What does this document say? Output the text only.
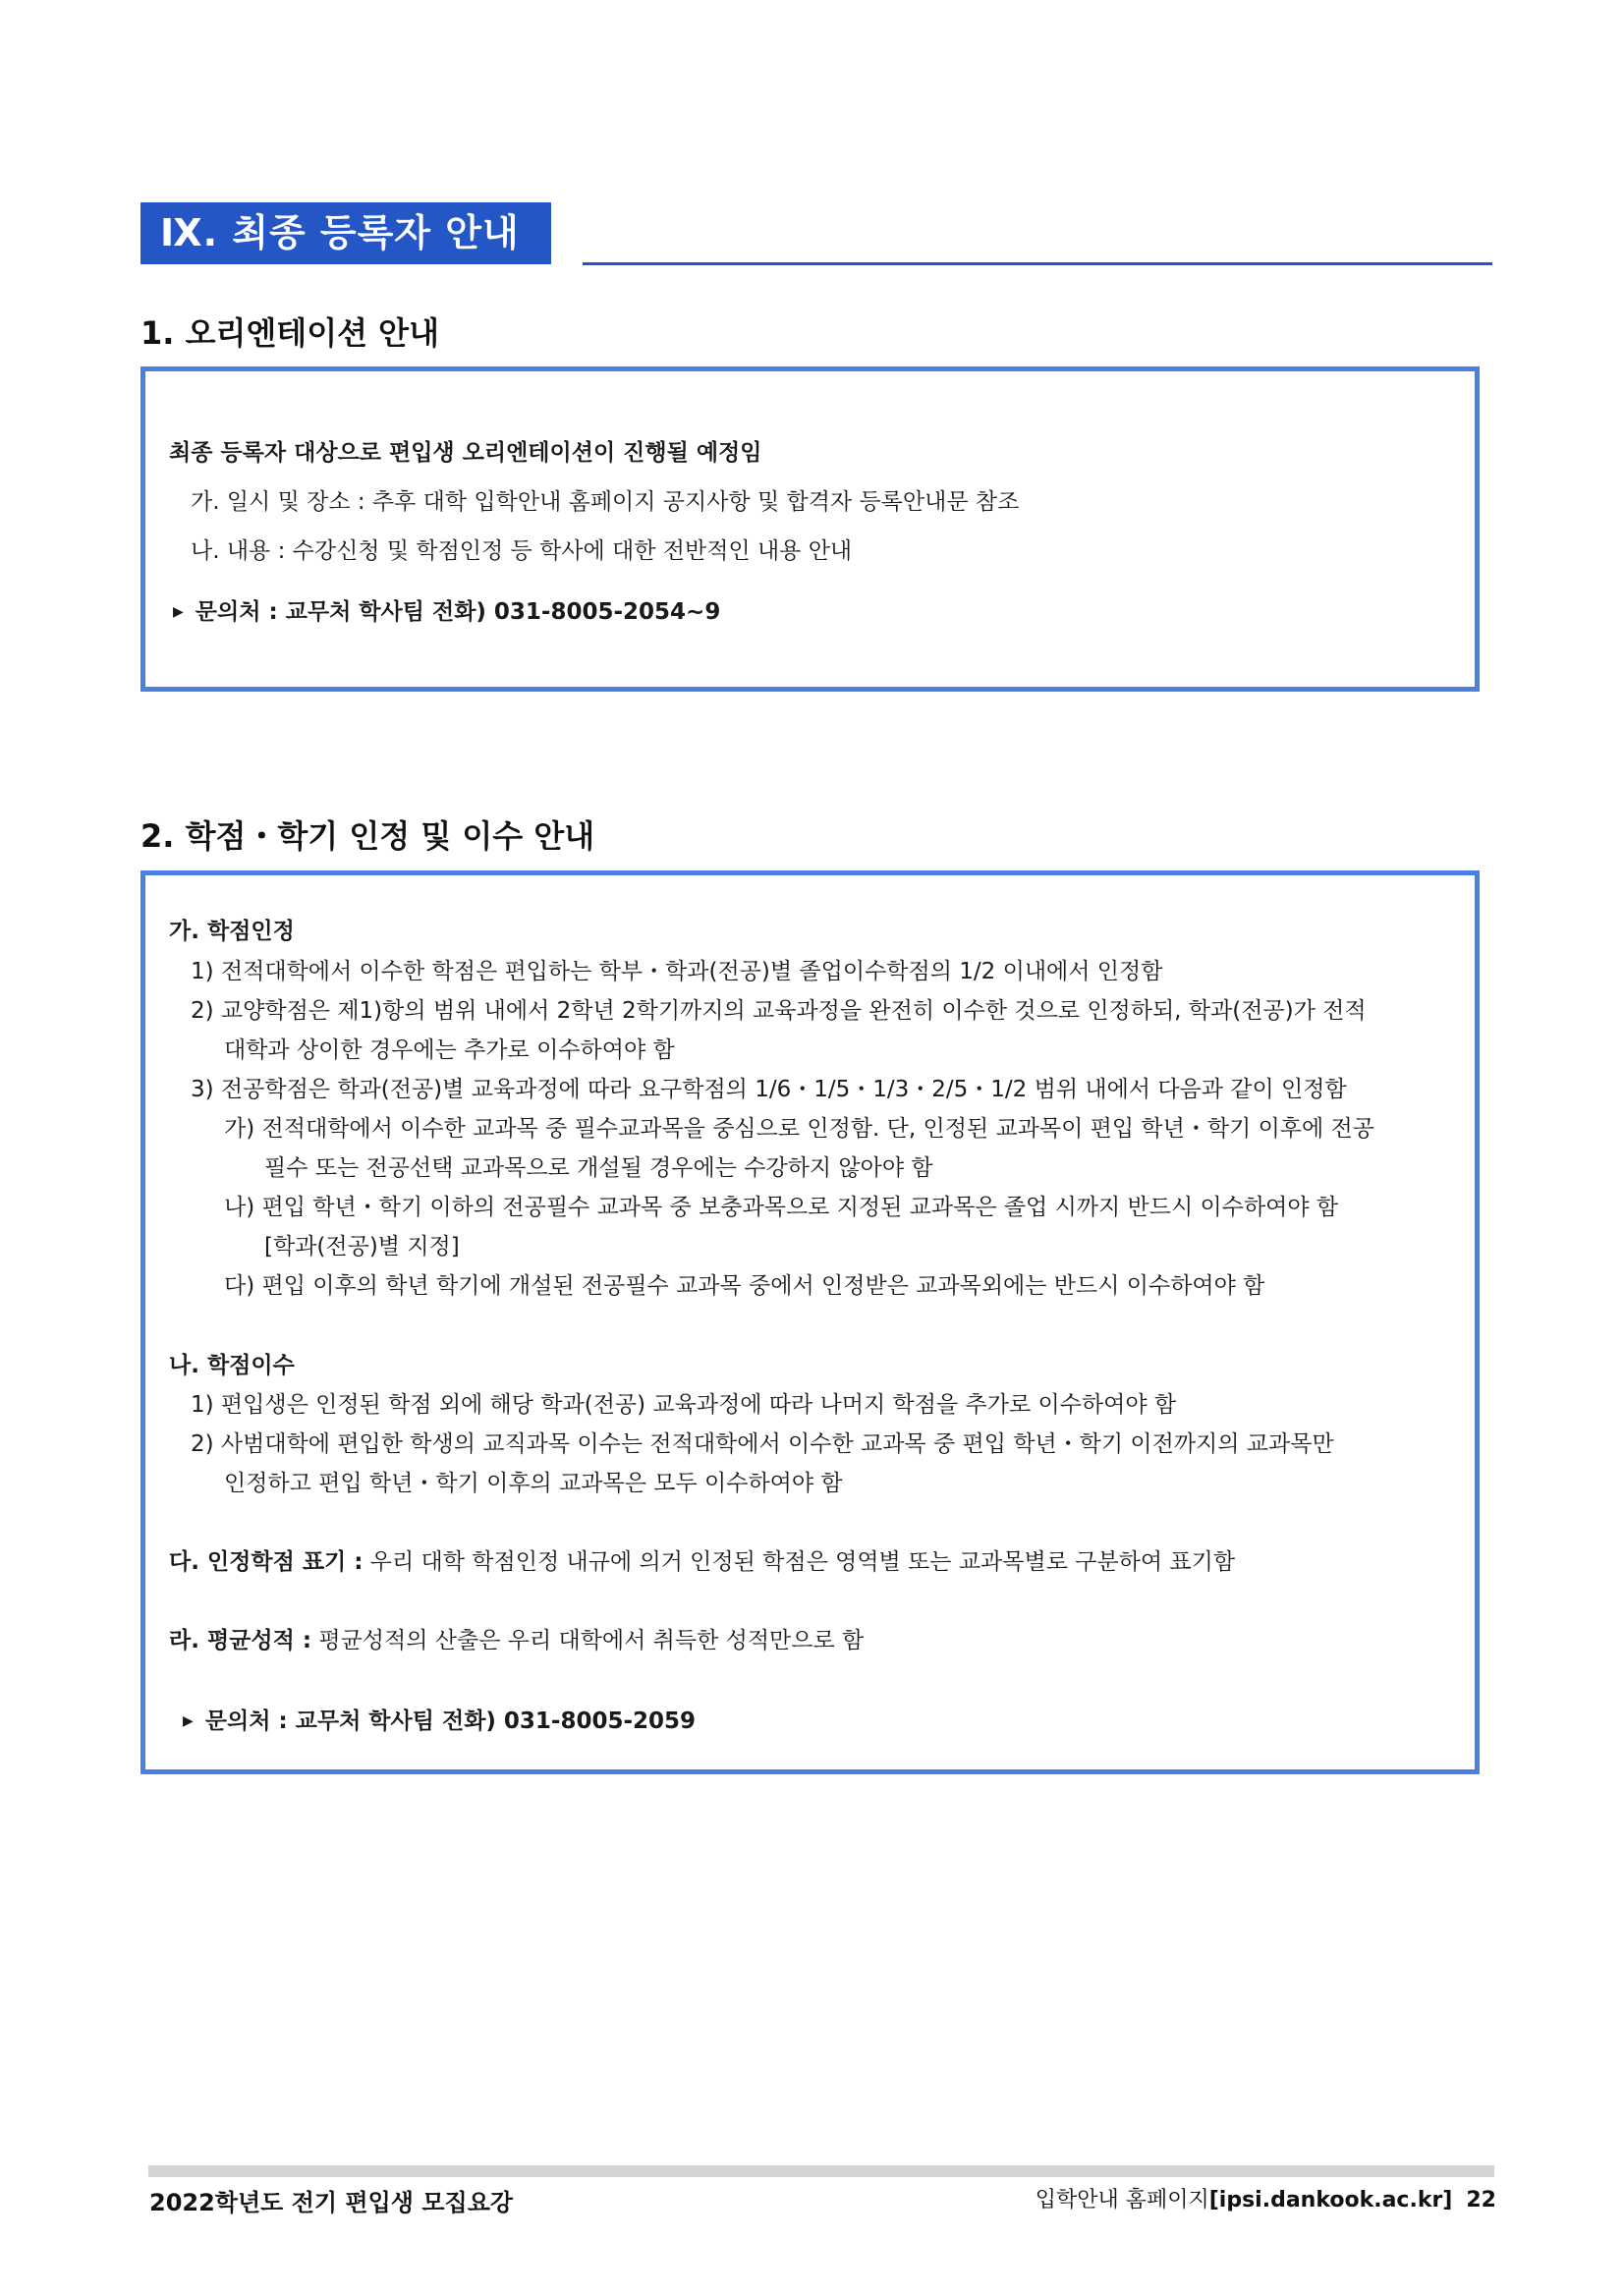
Ⅸ. 최종 등록자 안내
1. 오리엔테이션 안내

최종 등록자 대상으로 편입생 오리엔테이션이 진행될 예정임

가. 일시 및 장소 : 추후 대학 입학안내 홈페이지 공지사항 및 합격자 등록안내문 참조

나. 내용 : 수강신청 및 학점인정 등 학사에 대한 전반적인 내용 안내

▶ 문의처 : 교무처 학사팀 전화) 031-8005-2054~9

2. 학점・학기 인정 및 이수 안내

가. 학점인정

1) 전적대학에서 이수한 학점은 편입하는 학부・학과(전공)별 졸업이수학점의 1/2 이내에서 인정함

2) 교양학점은 제1)항의 범위 내에서 2학년 2학기까지의 교육과정을 완전히 이수한 것으로 인정하되, 학과(전공)가 전적

대학과 상이한 경우에는 추가로 이수하여야 함

3) 전공학점은 학과(전공)별 교육과정에 따라 요구학점의 1/6・1/5・1/3・2/5・1/2 범위 내에서 다음과 같이 인정함

가) 전적대학에서 이수한 교과목 중 필수교과목을 중심으로 인정함. 단, 인정된 교과목이 편입 학년・학기 이후에 전공

필수 또는 전공선택 교과목으로 개설될 경우에는 수강하지 않아야 함

나) 편입 학년・학기 이하의 전공필수 교과목 중 보충과목으로 지정된 교과목은 졸업 시까지 반드시 이수하여야 함

[학과(전공)별 지정]

다) 편입 이후의 학년 학기에 개설된 전공필수 교과목 중에서 인정받은 교과목외에는 반드시 이수하여야 함

나. 학점이수

1) 편입생은 인정된 학점 외에 해당 학과(전공) 교육과정에 따라 나머지 학점을 추가로 이수하여야 함

2) 사범대학에 편입한 학생의 교직과목 이수는 전적대학에서 이수한 교과목 중 편입 학년・학기 이전까지의 교과목만

인정하고 편입 학년・학기 이후의 교과목은 모두 이수하여야 함

다. 인정학점 표기 : 우리 대학 학점인정 내규에 의거 인정된 학점은 영역별 또는 교과목별로 구분하여 표기함

라. 평균성적 : 평균성적의 산출은 우리 대학에서 취득한 성적만으로 함

▶ 문의처 : 교무처 학사팀 전화) 031-8005-2059

2022학년도 전기 편입생 모집요강	입학안내 홈페이지[ipsi.dankook.ac.kr] 22
